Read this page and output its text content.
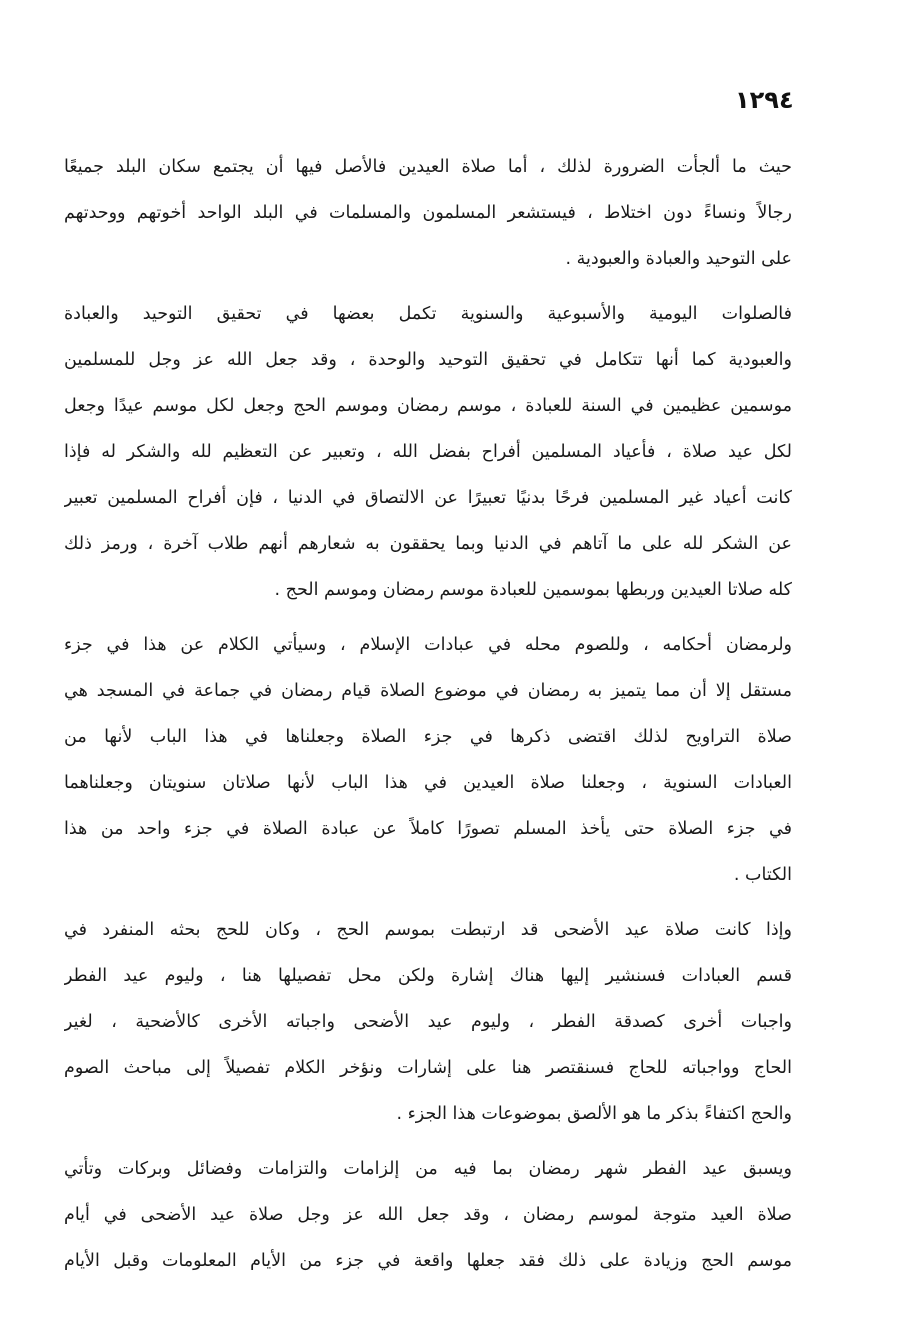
١٢٩٤
حيث ما ألجأت الضرورة لذلك ، أما صلاة العيدين فالأصل فيها أن يجتمع سكان البلد جميعًا
رجالاً ونساءً دون اختلاط ، فيستشعر المسلمون والمسلمات في البلد الواحد أخوتهم ووحدتهم
على التوحيد والعبادة والعبودية .
فالصلوات اليومية والأسبوعية والسنوية تكمل بعضها في تحقيق التوحيد والعبادة
والعبودية كما أنها تتكامل في تحقيق التوحيد والوحدة ، وقد جعل الله عز وجل للمسلمين
موسمين عظيمين في السنة للعبادة ، موسم رمضان وموسم الحج وجعل لكل موسم عيدًا وجعل
لكل عيد صلاة ، فأعياد المسلمين أفراح بفضل الله ، وتعبير عن التعظيم لله والشكر له فإذا
كانت أعياد غير المسلمين فرحًا بدنيًا تعبيرًا عن الالتصاق في الدنيا ، فإن أفراح المسلمين تعبير
عن الشكر لله على ما آتاهم في الدنيا وبما يحققون به شعارهم أنهم طلاب آخرة ، ورمز ذلك
كله صلاتا العيدين وربطها بموسمين للعبادة موسم رمضان وموسم الحج .
ولرمضان أحكامه ، وللصوم محله في عبادات الإسلام ، وسيأتي الكلام عن هذا في جزء
مستقل إلا أن مما يتميز به رمضان في موضوع الصلاة قيام رمضان في جماعة في المسجد هي
صلاة التراويح لذلك اقتضى ذكرها في جزء الصلاة وجعلناها في هذا الباب لأنها من
العبادات السنوية ، وجعلنا صلاة العيدين في هذا الباب لأنها صلاتان سنويتان وجعلناهما
في جزء الصلاة حتى يأخذ المسلم تصورًا كاملاً عن عبادة الصلاة في جزء واحد من هذا
الكتاب .
وإذا كانت صلاة عيد الأضحى قد ارتبطت بموسم الحج ، وكان للحج بحثه المنفرد في
قسم العبادات فسنشير إليها هناك إشارة ولكن محل تفصيلها هنا ، وليوم عيد الفطر
واجبات أخرى كصدقة الفطر ، وليوم عيد الأضحى واجباته الأخرى كالأضحية ، لغير
الحاج وواجباته للحاج فسنقتصر هنا على إشارات ونؤخر الكلام تفصيلاً إلى مباحث الصوم
والحج اكتفاءً بذكر ما هو الألصق بموضوعات هذا الجزء .
ويسبق عيد الفطر شهر رمضان بما فيه من إلزامات والتزامات وفضائل وبركات وتأتي
صلاة العيد متوجة لموسم رمضان ، وقد جعل الله عز وجل صلاة عيد الأضحى في أيام
موسم الحج وزيادة على ذلك فقد جعلها واقعة في جزء من الأيام المعلومات وقبل الأيام
